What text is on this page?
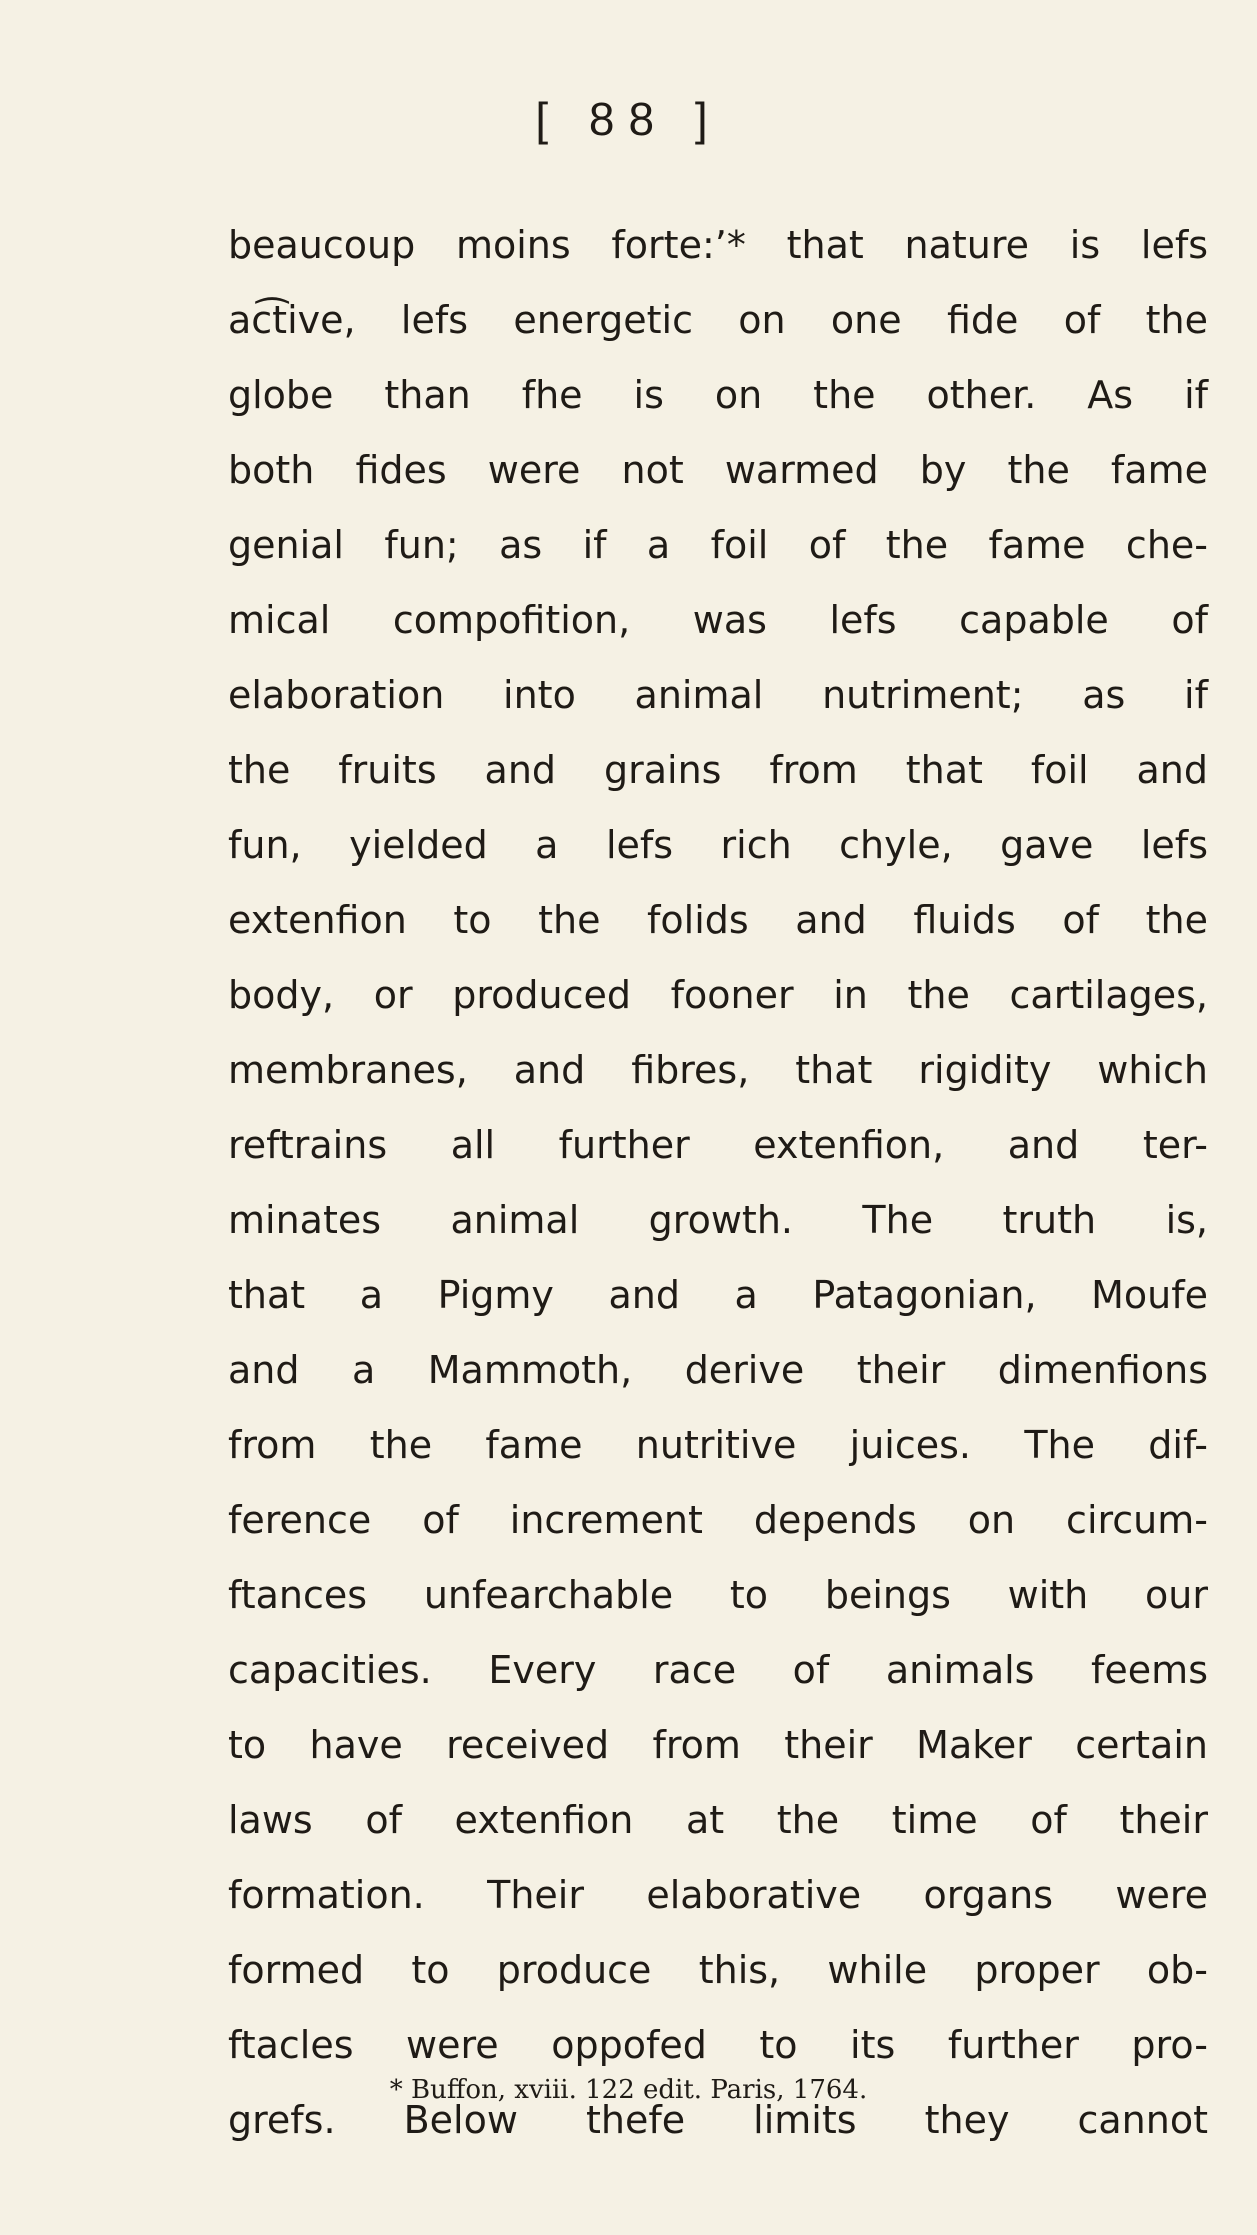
[ 88 ]
beaucoup moins forte:’* that nature is lefs
ac͡tive, lefs energetic on one fide of the
globe than fhe is on the other. As if
both fides were not warmed by the fame
genial fun; as if a foil of the fame che-
mical compofition, was lefs capable of
elaboration into animal nutriment; as if
the fruits and grains from that foil and
fun, yielded a lefs rich chyle, gave lefs
extenfion to the folids and fluids of the
body, or produced fooner in the cartilages,
membranes, and fibres, that rigidity which
reftrains all further extenfion, and ter-
minates animal growth. The truth is,
that a Pigmy and a Patagonian, Moufe
and a Mammoth, derive their dimenfions
from the fame nutritive juices. The dif-
ference of increment depends on circum-
ftances unfearchable to beings with our
capacities. Every race of animals feems
to have received from their Maker certain
laws of extenfion at the time of their
formation. Their elaborative organs were
formed to produce this, while proper ob-
ftacles were oppofed to its further pro-
grefs. Below thefe limits they cannot
* Buffon, xviii. 122 edit. Paris, 1764.
